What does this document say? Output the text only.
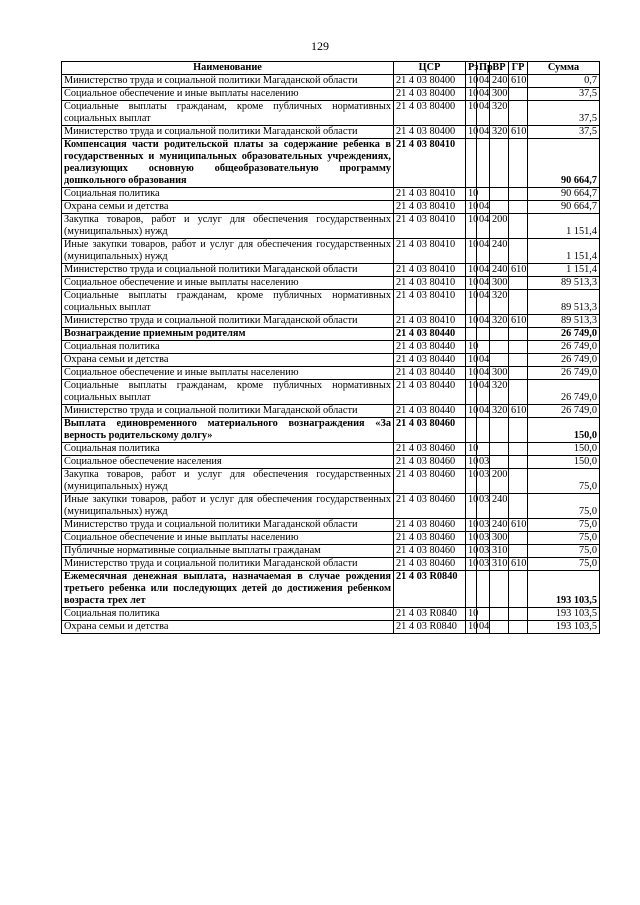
129
Наименование	ЦСР	Рз	Пр	ВР	ГР	Сумма
Министерство труда и социальной политики Магаданской области	21 4 03 80400	10	04	240	610	0,7
Социальное обеспечение и иные выплаты населению	21 4 03 80400	10	04	300		37,5
Социальные выплаты гражданам, кроме публичных нормативных социальных выплат	21 4 03 80400	10	04	320		37,5
Министерство труда и социальной политики Магаданской области	21 4 03 80400	10	04	320	610	37,5
Компенсация части родительской платы за содержание ребенка в государственных и муниципальных образовательных учреждениях, реализующих основную общеобразовательную программу дошкольного образования	21 4 03 80410					90 664,7
Социальная политика	21 4 03 80410	10				90 664,7
Охрана семьи и детства	21 4 03 80410	10	04			90 664,7
Закупка товаров, работ и услуг для обеспечения государственных (муниципальных) нужд	21 4 03 80410	10	04	200		1 151,4
Иные закупки товаров, работ и услуг для обеспечения государственных (муниципальных) нужд	21 4 03 80410	10	04	240		1 151,4
Министерство труда и социальной политики Магаданской области	21 4 03 80410	10	04	240	610	1 151,4
Социальное обеспечение и иные выплаты населению	21 4 03 80410	10	04	300		89 513,3
Социальные выплаты гражданам, кроме публичных нормативных социальных выплат	21 4 03 80410	10	04	320		89 513,3
Министерство труда и социальной политики Магаданской области	21 4 03 80410	10	04	320	610	89 513,3
Вознаграждение приемным родителям	21 4 03 80440					26 749,0
Социальная политика	21 4 03 80440	10				26 749,0
Охрана семьи и детства	21 4 03 80440	10	04			26 749,0
Социальное обеспечение и иные выплаты населению	21 4 03 80440	10	04	300		26 749,0
Социальные выплаты гражданам, кроме публичных нормативных социальных выплат	21 4 03 80440	10	04	320		26 749,0
Министерство труда и социальной политики Магаданской области	21 4 03 80440	10	04	320	610	26 749,0
Выплата единовременного материального вознаграждения «За верность родительскому долгу»	21 4 03 80460					150,0
Социальная политика	21 4 03 80460	10				150,0
Социальное обеспечение населения	21 4 03 80460	10	03			150,0
Закупка товаров, работ и услуг для обеспечения государственных (муниципальных) нужд	21 4 03 80460	10	03	200		75,0
Иные закупки товаров, работ и услуг для обеспечения государственных (муниципальных) нужд	21 4 03 80460	10	03	240		75,0
Министерство труда и социальной политики Магаданской области	21 4 03 80460	10	03	240	610	75,0
Социальное обеспечение и иные выплаты населению	21 4 03 80460	10	03	300		75,0
Публичные нормативные социальные выплаты гражданам	21 4 03 80460	10	03	310		75,0
Министерство труда и социальной политики Магаданской области	21 4 03 80460	10	03	310	610	75,0
Ежемесячная денежная выплата, назначаемая в случае рождения третьего ребенка или последующих детей до достижения ребенком возраста трех лет	21 4 03 R0840					193 103,5
Социальная политика	21 4 03 R0840	10				193 103,5
Охрана семьи и детства	21 4 03 R0840	10	04			193 103,5
